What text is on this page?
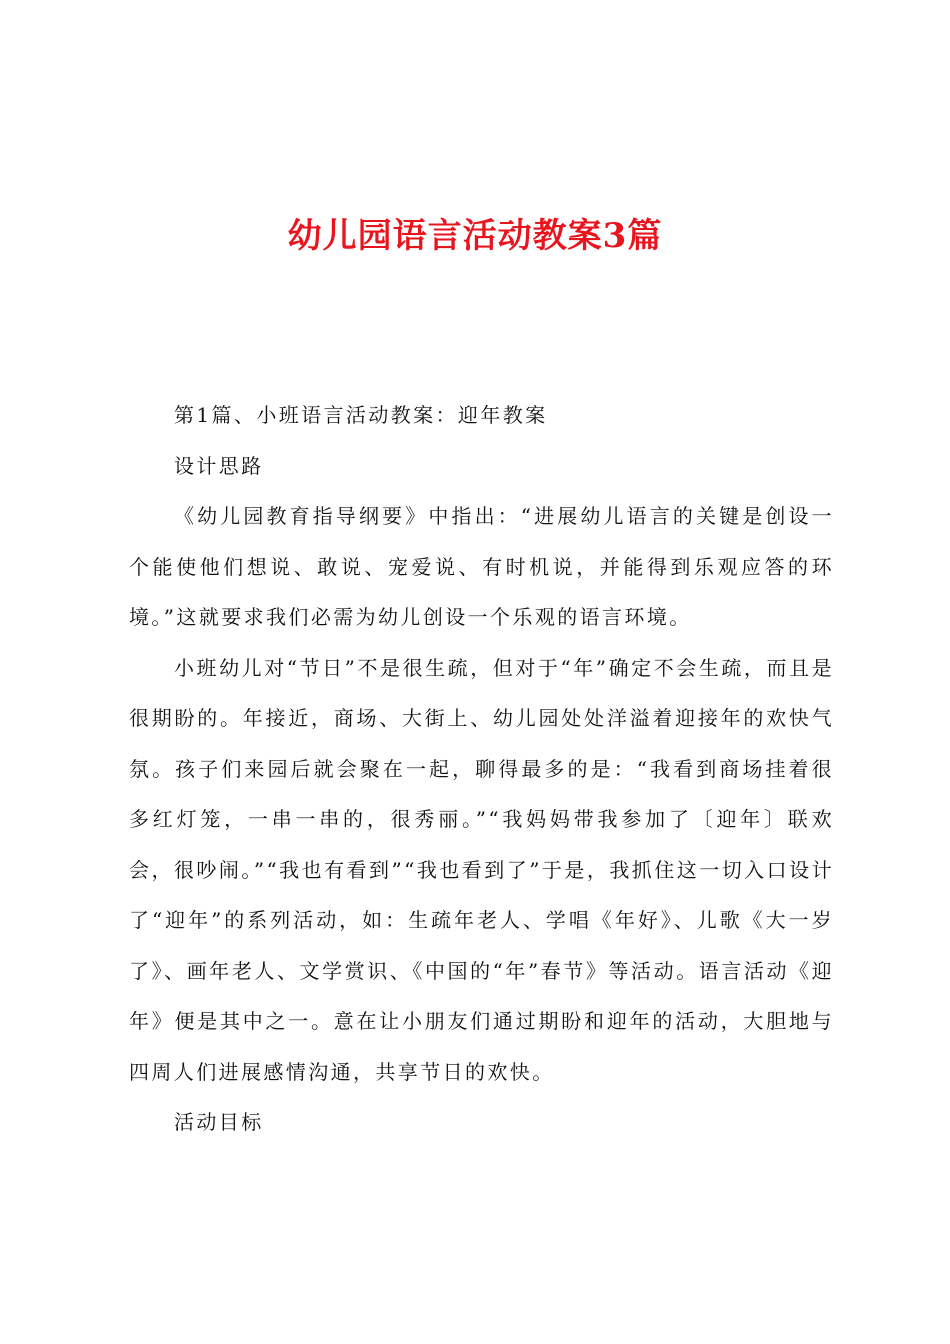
幼儿园语言活动教案3篇

第1篇、小班语言活动教案：迎年教案

设计思路

《幼儿园教育指导纲要》中指出：“进展幼儿语言的关键是创设一个能使他们想说、敢说、宠爱说、有时机说，并能得到乐观应答的环境。”这就要求我们必需为幼儿创设一个乐观的语言环境。

小班幼儿对“节日”不是很生疏，但对于“年”确定不会生疏，而且是很期盼的。年接近，商场、大街上、幼儿园处处洋溢着迎接年的欢快气氛。孩子们来园后就会聚在一起，聊得最多的是：“我看到商场挂着很多红灯笼，一串一串的，很秀丽。”“我妈妈带我参加了〔迎年〕联欢会，很吵闹。”“我也有看到”“我也看到了”于是，我抓住这一切入口设计了“迎年”的系列活动，如：生疏年老人、学唱《年好》、儿歌《大一岁了》、画年老人、文学赏识、《中国的“年”春节》等活动。语言活动《迎年》便是其中之一。意在让小朋友们通过期盼和迎年的活动，大胆地与四周人们进展感情沟通，共享节日的欢快。

活动目标
